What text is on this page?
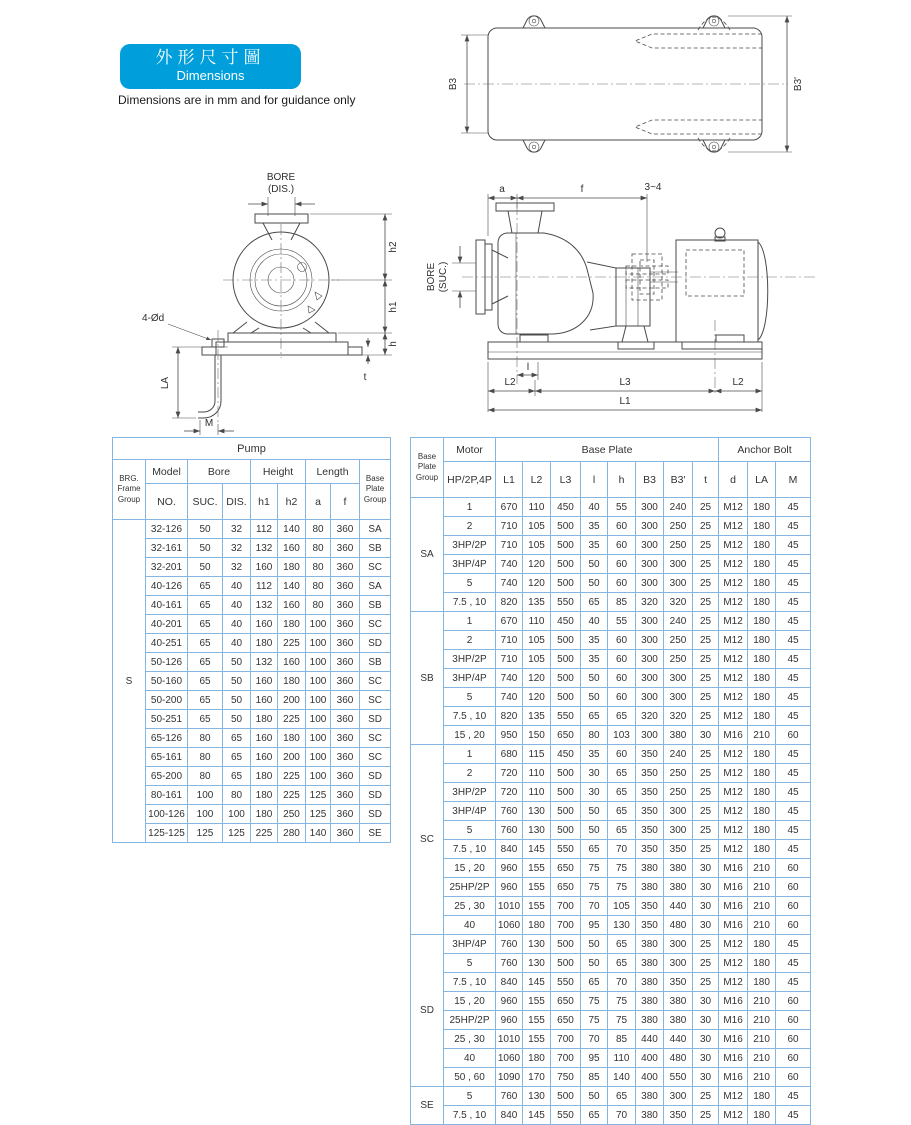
外形尺寸圖
Dimensions
Dimensions are in mm and for guidance only
B3	B3'
BORE
(DIS.)
4-Ød
LA
M
h2
h1
h
t
a	f	3~4
BORE (SUC.)
l
L2	L3	L2
L1
Pump								

BRG.
Frame
Group	Model	Bore		Height		Length		Base
Plate
Group

	NO.	SUC.	DIS.	h1	h2	a	f	
S	32-126	50	32	112	140	80	360	SA
	32-161	50	32	132	160	80	360	SB
	32-201	50	32	160	180	80	360	SC
	40-126	65	40	112	140	80	360	SA
	40-161	65	40	132	160	80	360	SB
	40-201	65	40	160	180	100	360	SC
	40-251	65	40	180	225	100	360	SD
	50-126	65	50	132	160	100	360	SB
	50-160	65	50	160	180	100	360	SC
	50-200	65	50	160	200	100	360	SC
	50-251	65	50	180	225	100	360	SD
	65-126	80	65	160	180	100	360	SC
	65-161	80	65	160	200	100	360	SC
	65-200	80	65	180	225	100	360	SD
	80-161	100	80	180	225	125	360	SD
	100-126	100	100	180	250	125	360	SD
	125-125	125	125	225	280	140	360	SE
Base
Plate
Group	Motor	Base Plate								Anchor Bolt		
	HP/2P,4P	L1	L2	L3	l	h	B3	B3'	t	d	LA	M
SA	1	670	110	450	40	55	300	240	25	M12	180	45
	2	710	105	500	35	60	300	250	25	M12	180	45
	3HP/2P	710	105	500	35	60	300	250	25	M12	180	45
	3HP/4P	740	120	500	50	60	300	300	25	M12	180	45
	5	740	120	500	50	60	300	300	25	M12	180	45
	7.5 , 10	820	135	550	65	85	320	320	25	M12	180	45
SB	1	670	110	450	40	55	300	240	25	M12	180	45
	2	710	105	500	35	60	300	250	25	M12	180	45
	3HP/2P	710	105	500	35	60	300	250	25	M12	180	45
	3HP/4P	740	120	500	50	60	300	300	25	M12	180	45
	5	740	120	500	50	60	300	300	25	M12	180	45
	7.5 , 10	820	135	550	65	65	320	320	25	M12	180	45
	15 , 20	950	150	650	80	103	300	380	30	M16	210	60
SC	1	680	115	450	35	60	350	240	25	M12	180	45
	2	720	110	500	30	65	350	250	25	M12	180	45
	3HP/2P	720	110	500	30	65	350	250	25	M12	180	45
	3HP/4P	760	130	500	50	65	350	300	25	M12	180	45
	5	760	130	500	50	65	350	300	25	M12	180	45
	7.5 , 10	840	145	550	65	70	350	350	25	M12	180	45
	15 , 20	960	155	650	75	75	380	380	30	M16	210	60
	25HP/2P	960	155	650	75	75	380	380	30	M16	210	60
	25 , 30	1010	155	700	70	105	350	440	30	M16	210	60
	40	1060	180	700	95	130	350	480	30	M16	210	60
SD	3HP/4P	760	130	500	50	65	380	300	25	M12	180	45
	5	760	130	500	50	65	380	300	25	M12	180	45
	7.5 , 10	840	145	550	65	70	380	350	25	M12	180	45
	15 , 20	960	155	650	75	75	380	380	30	M16	210	60
	25HP/2P	960	155	650	75	75	380	380	30	M16	210	60
	25 , 30	1010	155	700	70	85	440	440	30	M16	210	60
	40	1060	180	700	95	110	400	480	30	M16	210	60
	50 , 60	1090	170	750	85	140	400	550	30	M16	210	60
SE	5	760	130	500	50	65	380	300	25	M12	180	45
	7.5 , 10	840	145	550	65	70	380	350	25	M12	180	45
